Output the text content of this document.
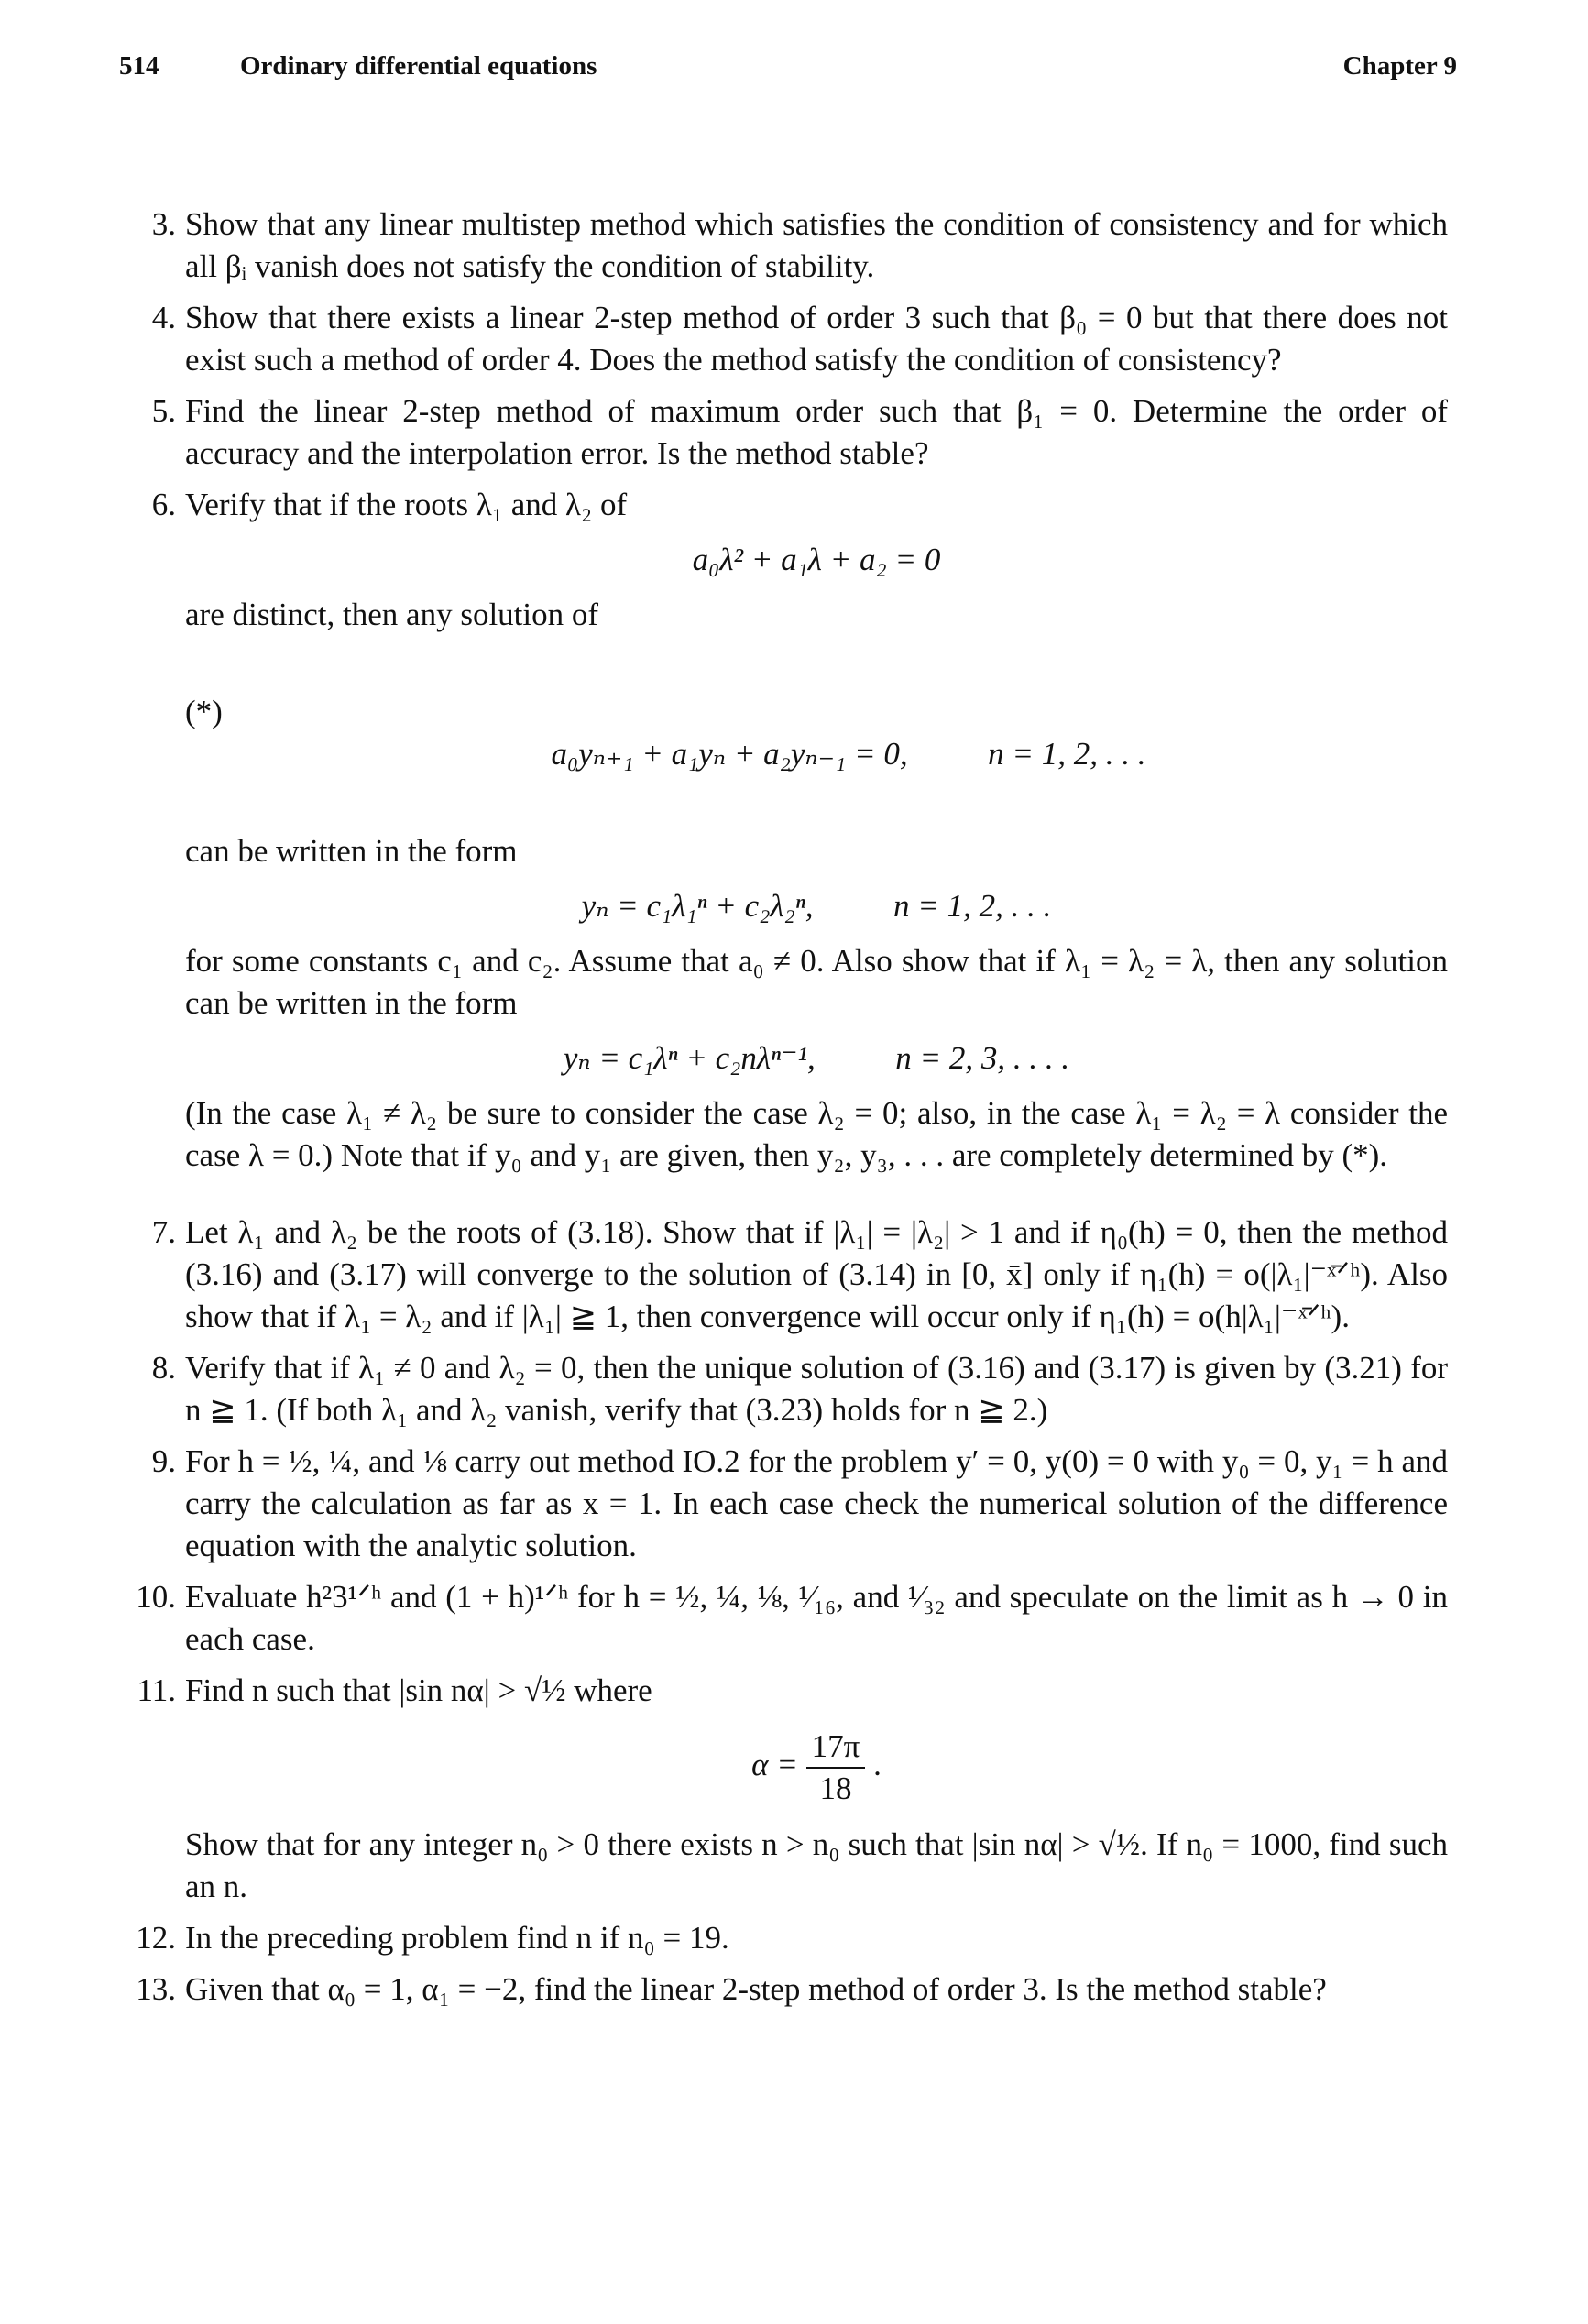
514	Ordinary differential equations	Chapter 9
3. Show that any linear multistep method which satisfies the condition of consistency and for which all βᵢ vanish does not satisfy the condition of stability.
4. Show that there exists a linear 2-step method of order 3 such that β₀ = 0 but that there does not exist such a method of order 4. Does the method satisfy the condition of consistency?
5. Find the linear 2-step method of maximum order such that β₁ = 0. Determine the order of accuracy and the interpolation error. Is the method stable?
6. Verify that if the roots λ₁ and λ₂ of
a₀λ² + a₁λ + a₂ = 0
are distinct, then any solution of

(*)

a₀yₙ₊₁ + a₁yₙ + a₂yₙ₋₁ = 0,          n = 1, 2, . . .

can be written in the form
yₙ = c₁λ₁ⁿ + c₂λ₂ⁿ,          n = 1, 2, . . .
for some constants c₁ and c₂. Assume that a₀ ≠ 0. Also show that if λ₁ = λ₂ = λ, then any solution can be written in the form
yₙ = c₁λⁿ + c₂nλⁿ⁻¹,          n = 2, 3, . . . .
(In the case λ₁ ≠ λ₂ be sure to consider the case λ₂ = 0; also, in the case λ₁ = λ₂ = λ consider the case λ = 0.) Note that if y₀ and y₁ are given, then y₂, y₃, . . . are completely determined by (*).
7. Let λ₁ and λ₂ be the roots of (3.18). Show that if |λ₁| = |λ₂| > 1 and if η₀(h) = 0, then the method (3.16) and (3.17) will converge to the solution of (3.14) in [0, x̄] only if η₁(h) = o(|λ₁|⁻ˣ̄ᐟʰ). Also show that if λ₁ = λ₂ and if |λ₁| ≧ 1, then convergence will occur only if η₁(h) = o(h|λ₁|⁻ˣ̄ᐟʰ).
8. Verify that if λ₁ ≠ 0 and λ₂ = 0, then the unique solution of (3.16) and (3.17) is given by (3.21) for n ≧ 1. (If both λ₁ and λ₂ vanish, verify that (3.23) holds for n ≧ 2.)
9. For h = ½, ¼, and ⅛ carry out method IO.2 for the problem y′ = 0, y(0) = 0 with y₀ = 0, y₁ = h and carry the calculation as far as x = 1. In each case check the numerical solution of the difference equation with the analytic solution.
10. Evaluate h²3¹ᐟʰ and (1 + h)¹ᐟʰ for h = ½, ¼, ⅛, ¹⁄₁₆, and ¹⁄₃₂ and speculate on the limit as h → 0 in each case.
11. Find n such that |sin nα| > √½ where
$\alpha = \frac{17\pi}{18}$ .
Show that for any integer n₀ > 0 there exists n > n₀ such that |sin nα| > √½. If n₀ = 1000, find such an n.
12. In the preceding problem find n if n₀ = 19.
13. Given that α₀ = 1, α₁ = −2, find the linear 2-step method of order 3. Is the method stable?
